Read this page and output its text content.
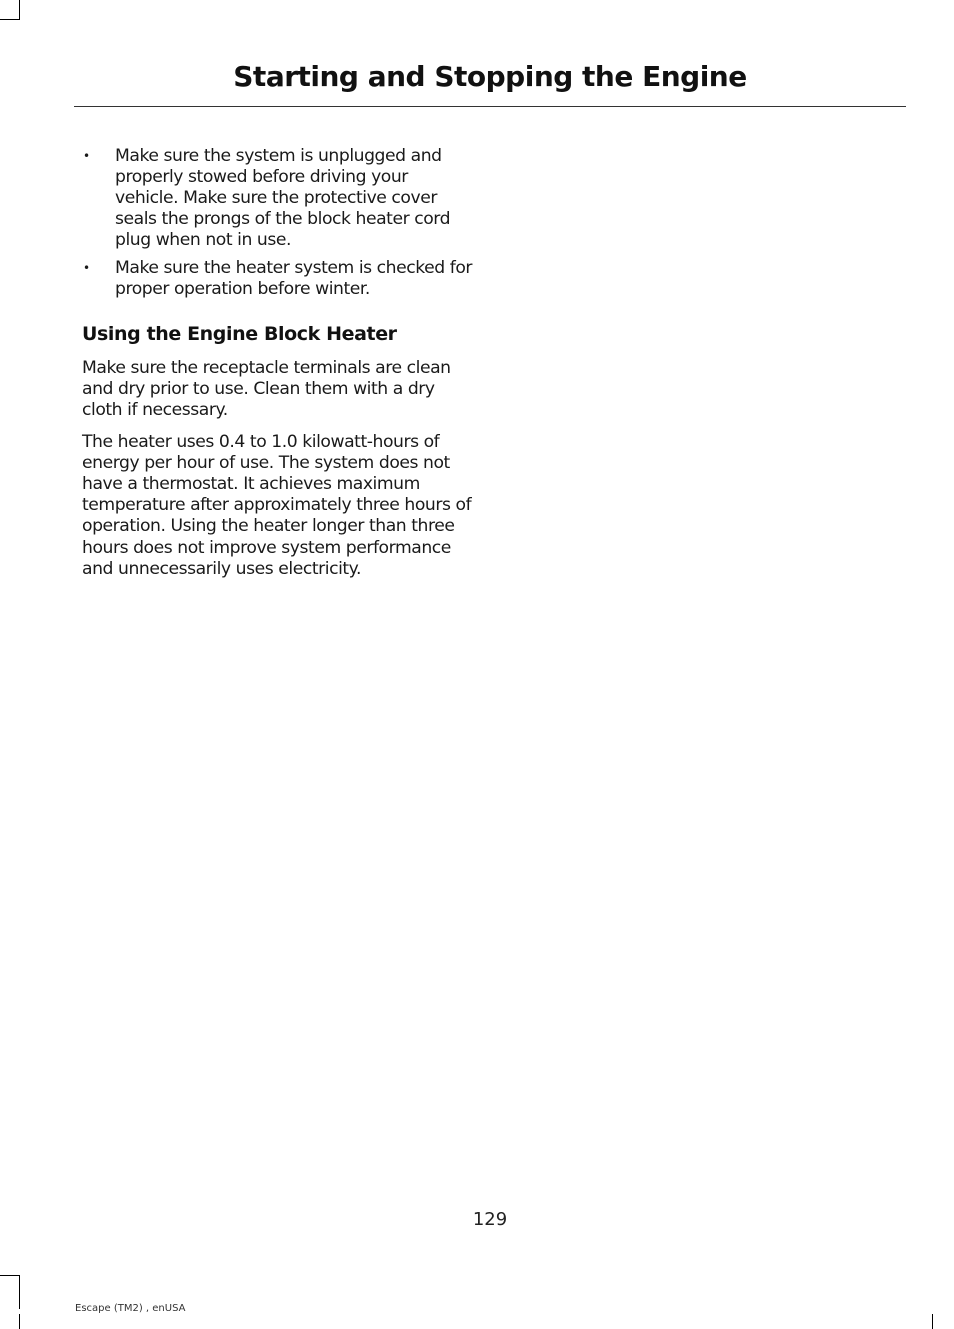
Starting and Stopping the Engine
• Make sure the system is unplugged and properly stowed before driving your vehicle. Make sure the protective cover seals the prongs of the block heater cord plug when not in use.
• Make sure the heater system is checked for proper operation before winter.
Using the Engine Block Heater

Make sure the receptacle terminals are clean and dry prior to use. Clean them with a dry cloth if necessary.

The heater uses 0.4 to 1.0 kilowatt-hours of energy per hour of use. The system does not have a thermostat. It achieves maximum temperature after approximately three hours of operation. Using the heater longer than three hours does not improve system performance and unnecessarily uses electricity.

129
Escape (TM2) , enUSA
